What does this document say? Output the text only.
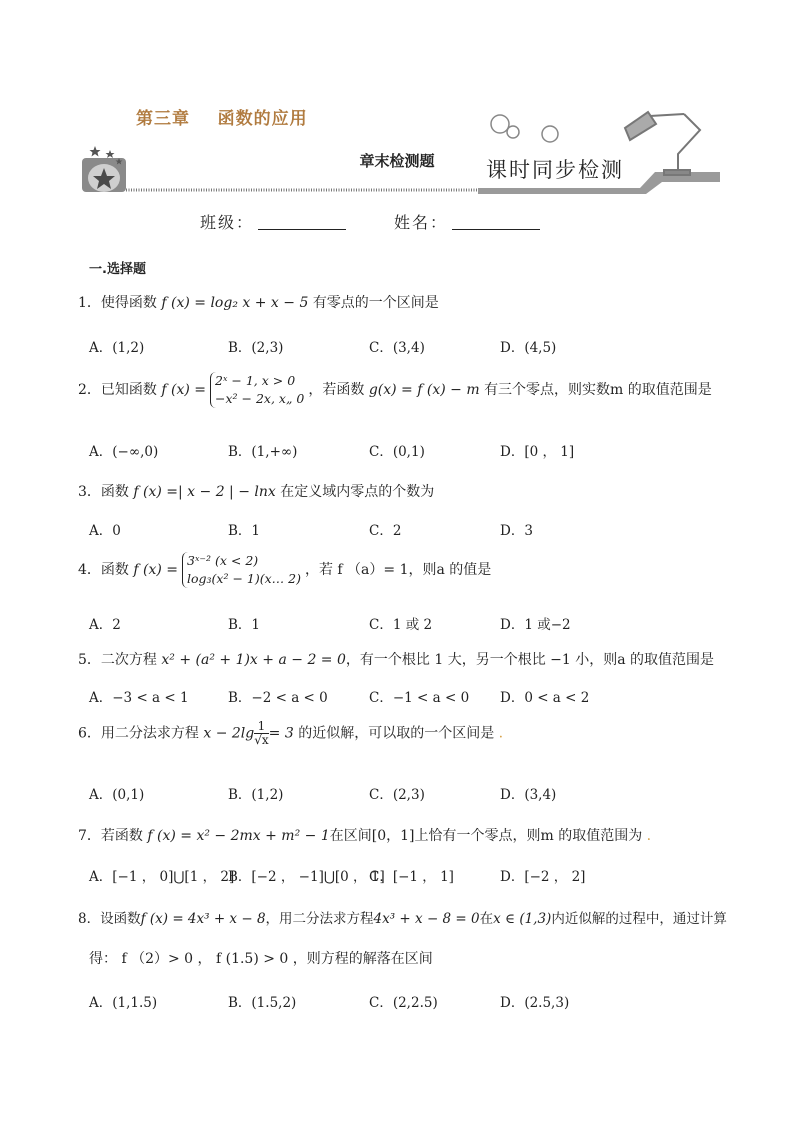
第三章    函数的应用
章末检测题	课时同步检测
班级：	姓名：
一.选择题
1．使得函数 f (x) = log₂ x + x − 5 有零点的一个区间是
A．(1,2)	B．(2,3)	C．(3,4)	D．(4,5)
2．已知函数 f (x) =
2ˣ − 1, x > 0
−x² − 2x, x„ 0
，若函数 g(x) = f (x) − m 有三个零点，则实数m 的取值范围是
A．(−∞,0)	B．(1,+∞)	C．(0,1)	D．[0 ， 1]
3．函数 f (x) =| x − 2 | − lnx 在定义域内零点的个数为
A．0	B．1	C．2	D．3
4．函数 f (x) =
3ˣ⁻² (x < 2)
log₃(x² − 1)(x… 2)
，若 f （a）= 1，则a 的值是
A．2	B．1	C．1 或 2	D．1 或−2
5．二次方程 x² + (a² + 1)x + a − 2 = 0，有一个根比 1 大，另一个根比 −1 小，则a 的取值范围是
A．−3 < a < 1	B．−2 < a < 0	C．−1 < a < 0 D．0 < a < 2
6．用二分法求方程 $x - 2\lg \frac{1}{√x} = 3$ 的近似解，可以取的一个区间是 .
A．(0,1)	B．(1,2)	C．(2,3)	D．(3,4)
7．若函数 f (x) = x² − 2mx + m² − 1在区间[0，1]上恰有一个零点，则m 的取值范围为 .
A．[−1 ， 0]⋃[1 ， 2]
B．[−2 ， −1]⋃[0 ， 1]
C．[−1 ， 1]	D．[−2 ， 2]
8．设函数f (x) = 4x³ + x − 8，用二分法求方程4x³ + x − 8 = 0在x ∈ (1,3)内近似解的过程中，通过计算
得： f （2）> 0 ， f (1.5) > 0 ，则方程的解落在区间
A．(1,1.5)	B．(1.5,2)	C．(2,2.5)	D．(2.5,3)
